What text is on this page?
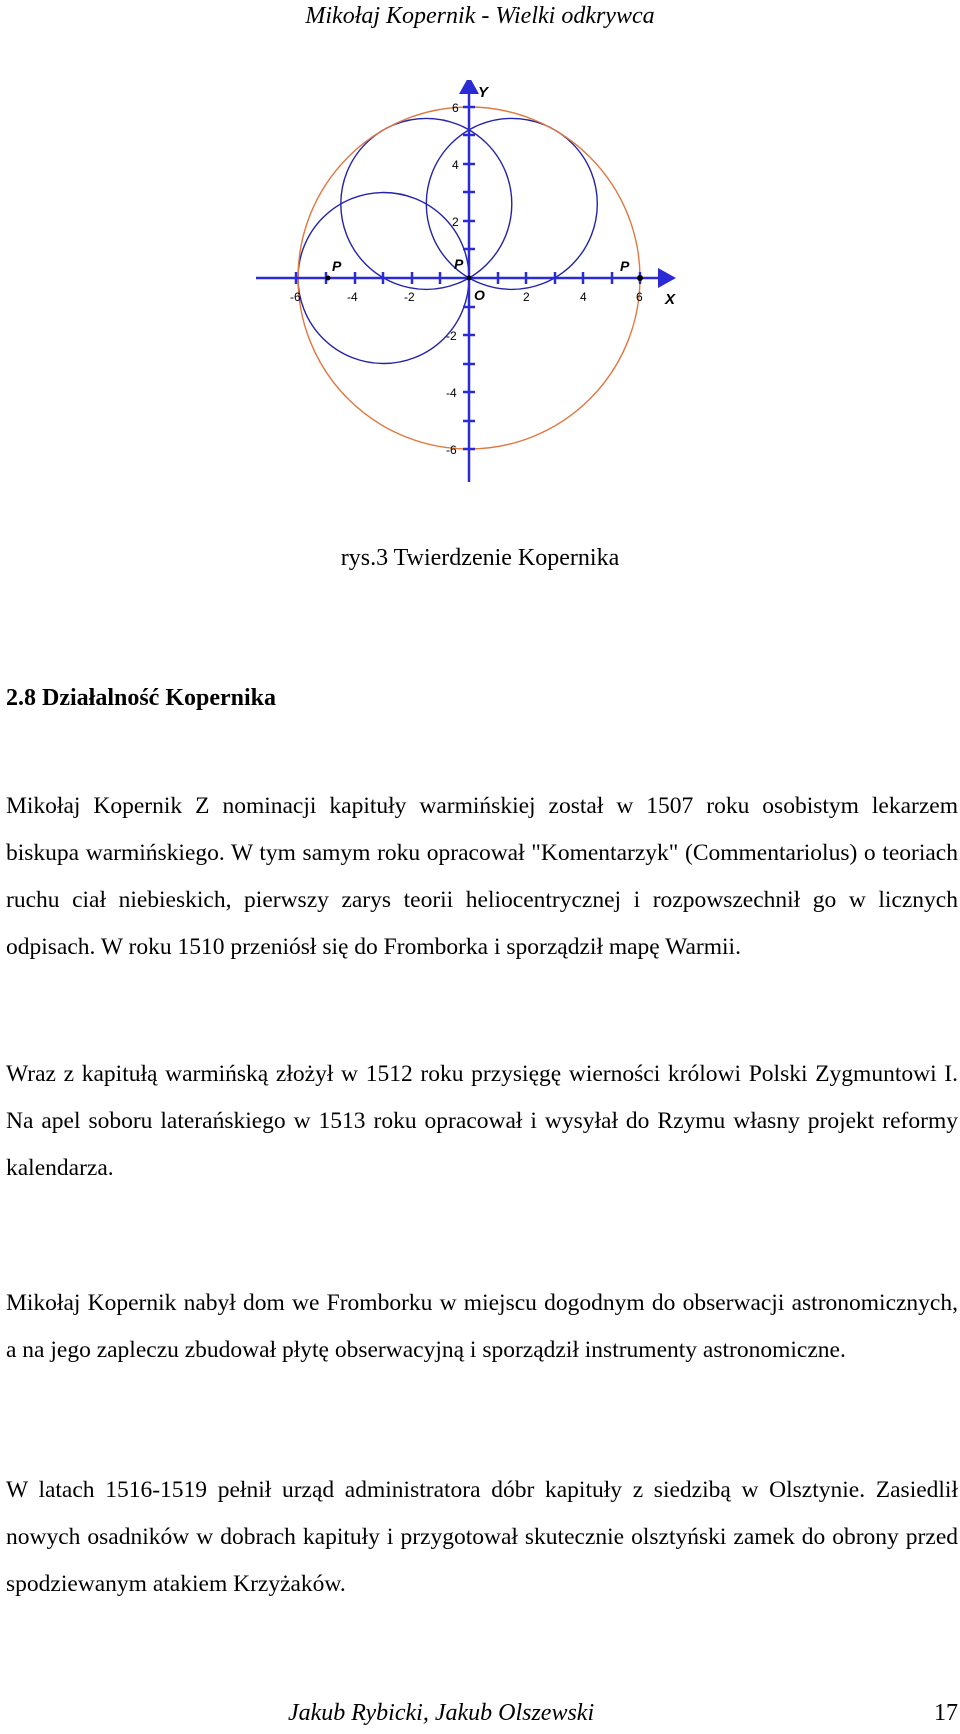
Mikołaj Kopernik - Wielki odkrywca
-6	-4	-2	2	4	6
6
4
2
-2
-4
-6
X
Y
O
P	P	P
rys.3 Twierdzenie Kopernika
2.8 Działalność Kopernika

Mikołaj Kopernik Z nominacji kapituły warmińskiej został w 1507 roku osobistym lekarzem biskupa warmińskiego. W tym samym roku opracował "Komentarzyk" (Commentariolus) o teoriach ruchu ciał niebieskich, pierwszy zarys teorii heliocentrycznej i rozpowszechnił go w licznych odpisach. W roku 1510 przeniósł się do Fromborka i sporządził mapę Warmii.

Wraz z kapitułą warmińską złożył w 1512 roku przysięgę wierności królowi Polski Zygmuntowi I. Na apel soboru laterańskiego w 1513 roku opracował i wysyłał do Rzymu własny projekt reformy kalendarza.

Mikołaj Kopernik nabył dom we Fromborku w miejscu dogodnym do obserwacji astronomicznych, a na jego zapleczu zbudował płytę obserwacyjną i sporządził instrumenty astronomiczne.

W latach 1516-1519 pełnił urząd administratora dóbr kapituły z siedzibą w Olsztynie. Zasiedlił nowych osadników w dobrach kapituły i przygotował skutecznie olsztyński zamek do obrony przed spodziewanym atakiem Krzyżaków.

Jakub Rybicki, Jakub Olszewski	17
